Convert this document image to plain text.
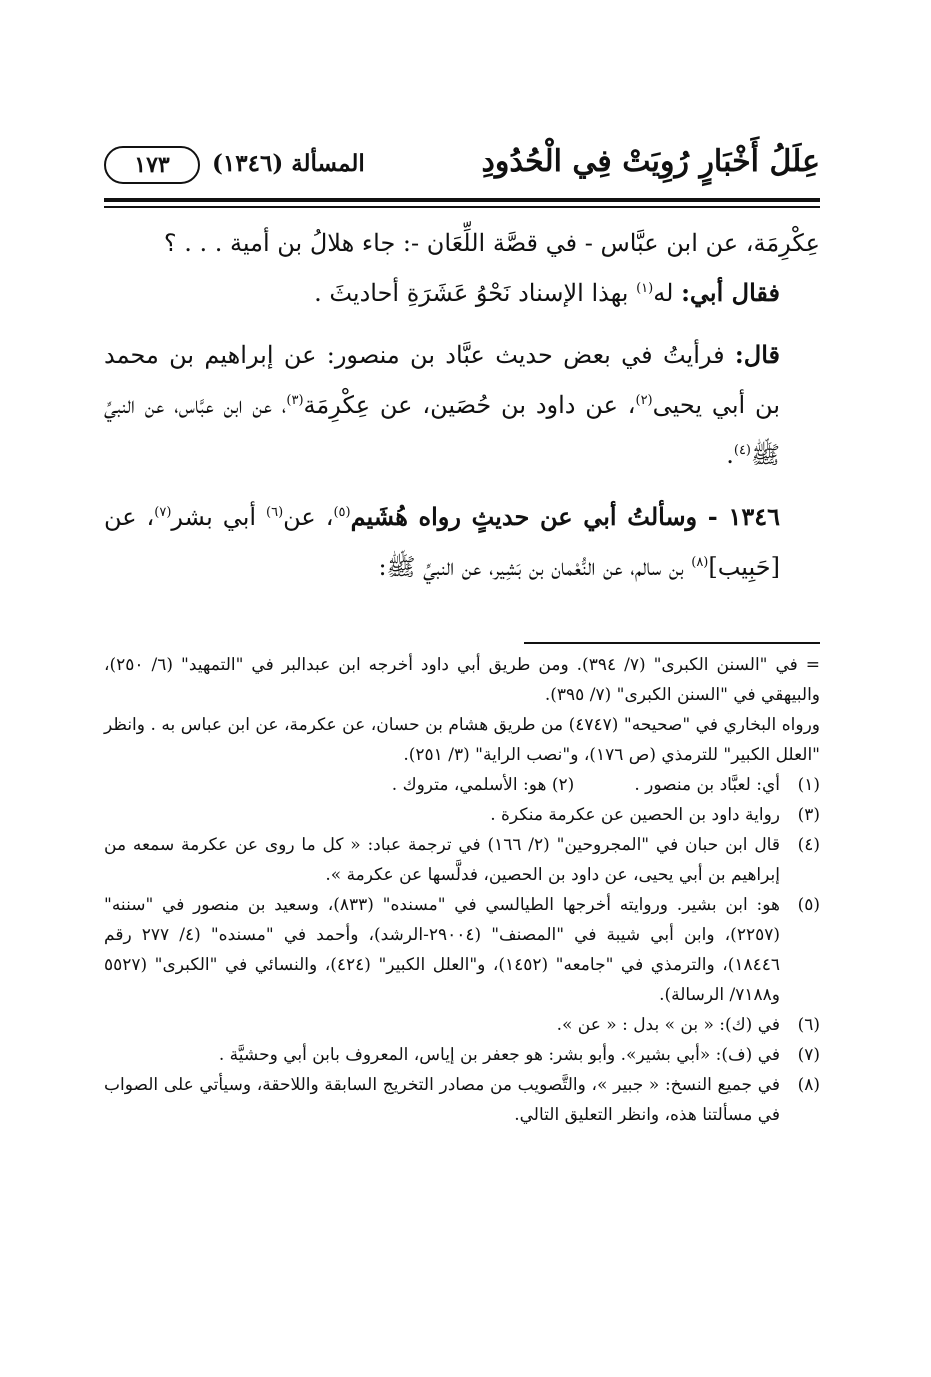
عِلَلُ أَخْبَارٍ رُوِيَتْ فِي الْحُدُودِ
المسألة (١٣٤٦)
١٧٣

عِكْرِمَة، عن ابن عبَّاس - في قصَّة اللِّعَان -: جاء هلالُ بن أمية . . . ؟

فقال أبي: له$^{(١)}$ بهذا الإسناد نَحْوُ عَشَرَةِ أحاديثَ .

قال: فرأيتُ في بعض حديث عبَّاد بن منصور: عن إبراهيم بن محمد بن أبي يحيى$^{(٢)}$، عن داود بن حُصَين، عن عِكْرِمَة$^{(٣)}$، عن ابن عبَّاس، عن النبيِّ ﷺ$^{(٤)}$.

١٣٤٦ - وسألتُ أبي عن حديثٍ رواه هُشَيم$^{(٥)}$، عن$^{(٦)}$ أبي بشر$^{(٧)}$، عن [حَبِيب]$^{(٨)}$ بن سالم، عن النُّعْمان بن بَشِير، عن النبيِّ ﷺ:

= في "السنن الكبرى" (٧/ ٣٩٤). ومن طريق أبي داود أخرجه ابن عبدالبر في "التمهيد" (٦/ ٢٥٠)، والبيهقي في "السنن الكبرى" (٧/ ٣٩٥).

ورواه البخاري في "صحيحه" (٤٧٤٧) من طريق هشام بن حسان، عن عكرمة، عن ابن عباس به . وانظر "العلل الكبير" للترمذي (ص ١٧٦)، و"نصب الراية" (٣/ ٢٥١).

(١)
أي: لعبَّاد بن منصور .(٢) هو: الأسلمي، متروك .
(٣)
رواية داود بن الحصين عن عكرمة منكرة .
(٤)
قال ابن حبان في "المجروحين" (٢/ ١٦٦) في ترجمة عباد: « كل ما روى عن عكرمة سمعه من إبراهيم بن أبي يحيى، عن داود بن الحصين، فدلَّسها عن عكرمة ».
(٥)
هو: ابن بشير. وروايته أخرجها الطيالسي في "مسنده" (٨٣٣)، وسعيد بن منصور في "سننه" (٢٢٥٧)، وابن أبي شيبة في "المصنف" (٢٩٠٠٤-الرشد)، وأحمد في "مسنده" (٤/ ٢٧٧ رقم ١٨٤٤٦)، والترمذي في "جامعه" (١٤٥٢)، و"العلل الكبير" (٤٢٤)، والنسائي في "الكبرى" (٥٥٢٧ و٧١٨٨/ الرسالة).
(٦)
في (ك): « بن » بدل : « عن ».
(٧)
في (ف): «أبي بشير». وأبو بشر: هو جعفر بن إياس، المعروف بابن أبي وحشيَّة .
(٨)
في جميع النسخ: « جبير »، والتَّصويب من مصادر التخريج السابقة واللاحقة، وسيأتي على الصواب في مسألتنا هذه، وانظر التعليق التالي.
